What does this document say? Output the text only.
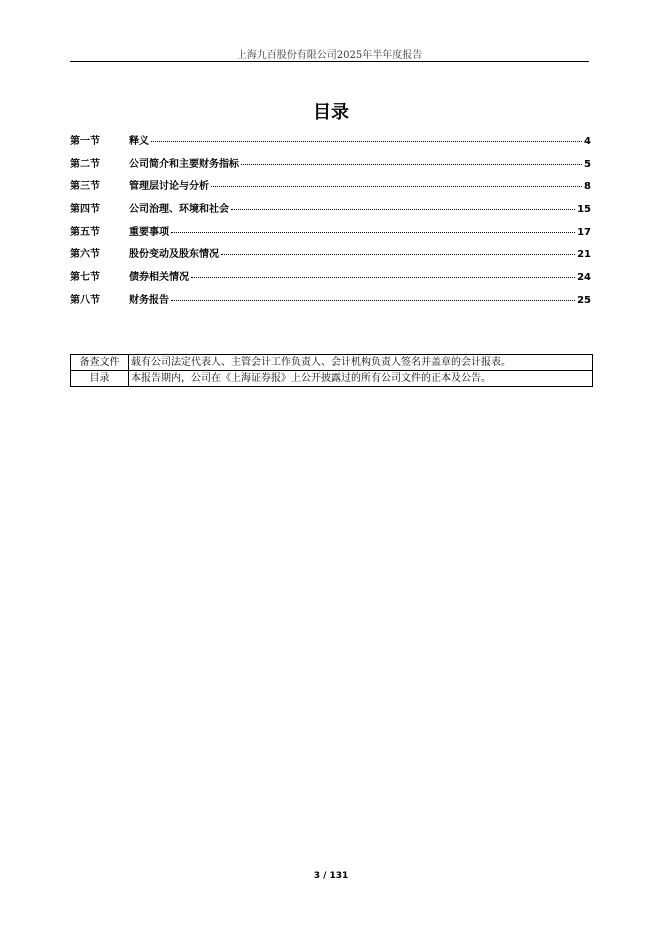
上海九百股份有限公司2025年半年度报告
目录
第一节	释义	4
第二节	公司简介和主要财务指标	5
第三节	管理层讨论与分析	8
第四节	公司治理、环境和社会	15
第五节	重要事项	17
第六节	股份变动及股东情况	21
第七节	债券相关情况	24
第八节	财务报告	25
备查文件	载有公司法定代表人、主管会计工作负责人、会计机构负责人签名并盖章的会计报表。
目录	本报告期内，公司在《上海证券报》上公开披露过的所有公司文件的正本及公告。
3 / 131
